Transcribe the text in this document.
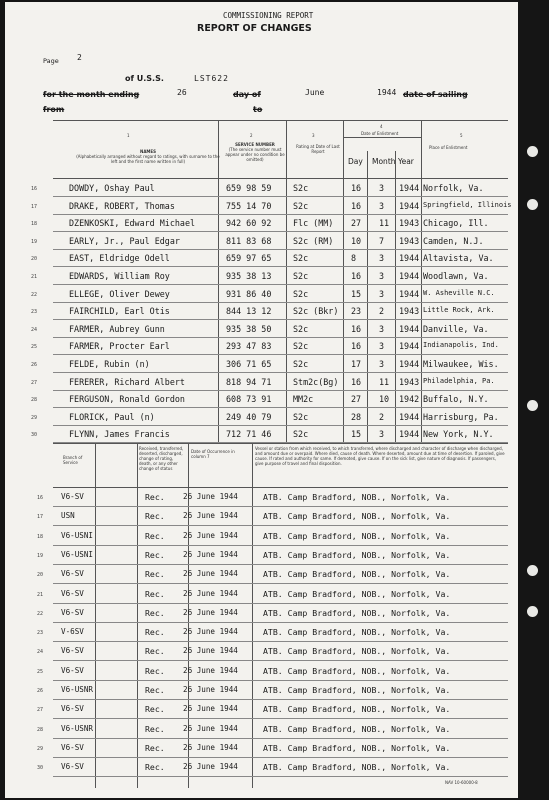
COMMISSIONING REPORT
REPORT OF CHANGES
Page 2
of U.S.S.	LST622
for the month ending	26	day of	June	1944 date of sailing
from	to
1
NAMES
(Alphabetically arranged without regard to ratings, with surname to the left and the first name written in full)
2
SERVICE NUMBER
(The service number must appear under no condition be omitted)
3
Rating at Date of Last Report
4
Date of Enlistment
Day Month Year
5
Place of Enlistment
16	DOWDY, Oshay Paul	659 98 59	S2c	16 3 1944 Norfolk, Va.
17	DRAKE, ROBERT, Thomas	755 14 70	S2c	16 3 1944 Springfield, Illinois
18	DZENKOSKI, Edward Michael	942 60 92	Flc (MM) 27 11 1943 Chicago, Ill.
19	EARLY, Jr., Paul Edgar	811 83 68	S2c (RM) 10 7 1943 Camden, N.J.
20	EAST, Eldridge Odell	659 97 65	S2c	8	3 1944 Altavista, Va.
21	EDWARDS, William Roy	935 38 13	S2c	16 3 1944 Woodlawn, Va.
22	ELLEGE, Oliver Dewey	931 86 40	S2c	15 3 1944 W. Asheville N.C.
23	FAIRCHILD, Earl Otis	844 13 12	S2c (Bkr) 23 2 1943 Little Rock, Ark.
24	FARMER, Aubrey Gunn	935 38 50	S2c	16 3 1944 Danville, Va.
25	FARMER, Procter Earl	293 47 83	S2c	16 3 1944 Indianapolis, Ind.
26	FELDE, Rubin (n)	306 71 65	S2c	17 3 1944 Milwaukee, Wis.
27	FERERER, Richard Albert	818 94 71	Stm2c(Bg) 16 11 1943 Philadelphia, Pa.
28	FERGUSON, Ronald Gordon	608 73 91	MM2c	27 10 1942 Buffalo, N.Y.
29	FLORICK, Paul (n)	249 40 79	S2c	28 2 1944 Harrisburg, Pa.
30	FLYNN, James Francis	712 71 46	S2c	15 3 1944 New York, N.Y.
Branch of Service
Received, transferred, deserted, discharged, change of rating, death, or any other change of status
Date of Occurrence in column 7
Vessel or station from which received, to which transferred, where discharged and character of discharge when discharged, and amount due or overpaid. Where died, cause of death. Where deserted, amount due at time of desertion. If paroled, give cause. If rated and authority for same. If demoted, give cause. If on the sick list, give nature of diagnosis. If passengers, give purpose of travel and final disposition.
16 V6-SV	Rec. 26 June 1944	ATB. Camp Bradford, NOB., Norfolk, Va.
17 USN	Rec. 26 June 1944	ATB. Camp Bradford, NOB., Norfolk, Va.
18 V6-USNI	Rec. 26 June 1944	ATB. Camp Bradford, NOB., Norfolk, Va.
19 V6-USNI	Rec. 26 June 1944	ATB. Camp Bradford, NOB., Norfolk, Va.
20 V6-SV	Rec. 26 June 1944	ATB. Camp Bradford, NOB., Norfolk, Va.
21 V6-SV	Rec. 26 June 1944	ATB. Camp Bradford, NOB., Norfolk, Va.
22 V6-SV	Rec. 26 June 1944	ATB. Camp Bradford, NOB., Norfolk, Va.
23 V-6SV	Rec. 26 June 1944	ATB. Camp Bradford, NOB., Norfolk, Va.
24 V6-SV	Rec. 26 June 1944	ATB. Camp Bradford, NOB., Norfolk, Va.
25 V6-SV	Rec. 26 June 1944	ATB. Camp Bradford, NOB., Norfolk, Va.
26 V6-USNR	Rec. 26 June 1944	ATB. Camp Bradford, NOB., Norfolk, Va.
27 V6-SV	Rec. 26 June 1944	ATB. Camp Bradford, NOB., Norfolk, Va.
28 V6-USNR	Rec. 26 June 1944	ATB. Camp Bradford, NOB., Norfolk, Va.
29 V6-SV	Rec. 26 June 1944	ATB. Camp Bradford, NOB., Norfolk, Va.
30 V6-SV	Rec. 26 June 1944	ATB. Camp Bradford, NOB., Norfolk, Va.
NAV 10-60000-8
